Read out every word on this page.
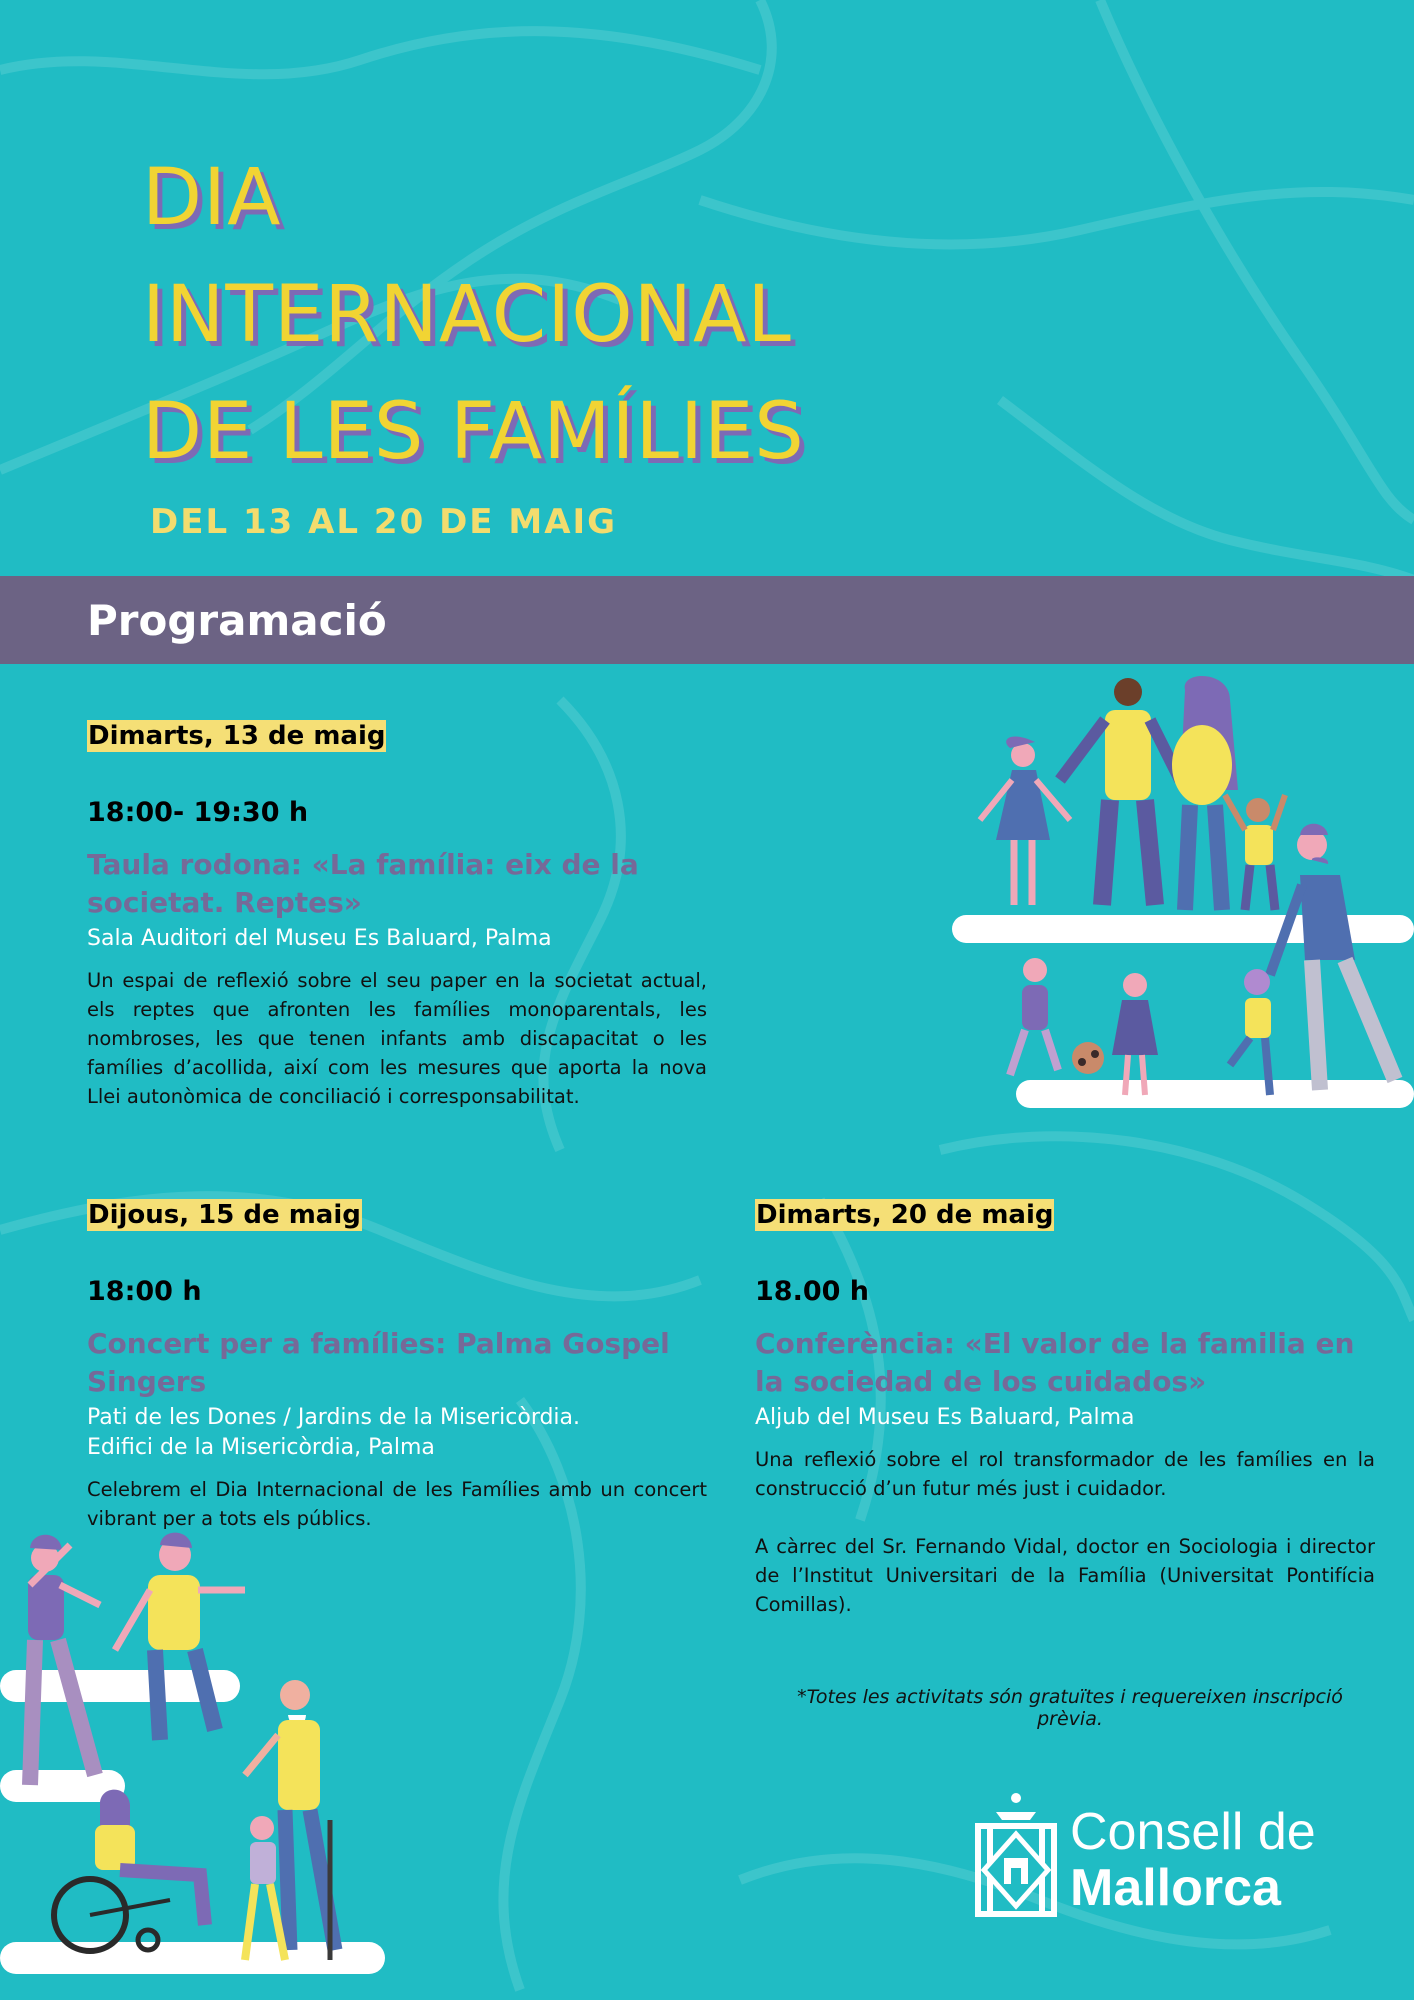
DIA
INTERNACIONAL
DE LES FAMÍLIES
DEL 13 AL 20 DE MAIG
Programació
Dimarts, 13 de maig
18:00- 19:30 h
Taula rodona: «La família: eix de la societat. Reptes»
Sala Auditori del Museu Es Baluard, Palma

Un espai de reflexió sobre el seu paper en la societat actual, els reptes que afronten les famílies monoparentals, les nombroses, les que tenen infants amb discapacitat o les famílies d’acollida, així com les mesures que aporta la nova Llei autonòmica de conciliació i corresponsabilitat.

Dijous, 15 de maig
18:00 h
Concert per a famílies: Palma Gospel Singers
Pati de les Dones / Jardins de la Misericòrdia.
Edifici de la Misericòrdia, Palma

Celebrem el Dia Internacional de les Famílies amb un concert vibrant per a tots els públics.

Dimarts, 20 de maig
18.00 h
Conferència: «El valor de la familia en la sociedad de los cuidados»
Aljub del Museu Es Baluard, Palma

Una reflexió sobre el rol transformador de les famílies en la construcció d’un futur més just i cuidador.

A càrrec del Sr. Fernando Vidal, doctor en Sociologia i director de l’Institut Universitari de la Família (Universitat Pontifícia Comillas).

*Totes les activitats són gratuïtes i requereixen inscripció prèvia.
Consell de
Mallorca
